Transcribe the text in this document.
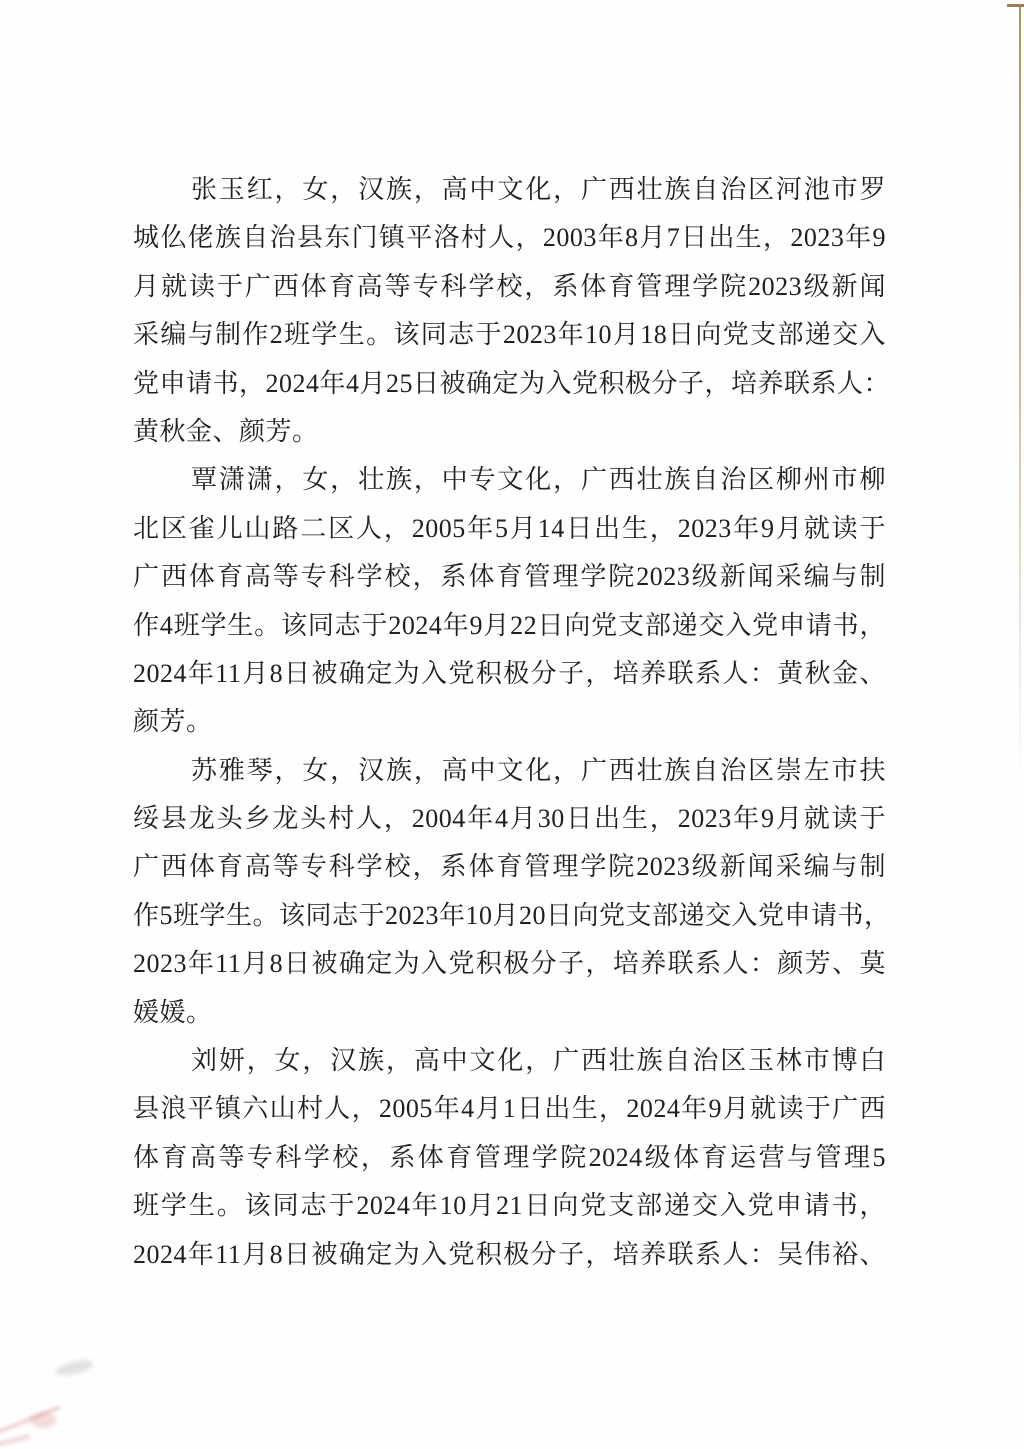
张玉红，女，汉族，高中文化，广西壮族自治区河池市罗
城仫佬族自治县东门镇平洛村人，2003年8月7日出生，2023年9
月就读于广西体育高等专科学校，系体育管理学院2023级新闻
采编与制作2班学生。该同志于2023年10月18日向党支部递交入
党申请书，2024年4月25日被确定为入党积极分子，培养联系人：
黄秋金、颜芳。
覃潇潇，女，壮族，中专文化，广西壮族自治区柳州市柳
北区雀儿山路二区人，2005年5月14日出生，2023年9月就读于
广西体育高等专科学校，系体育管理学院2023级新闻采编与制
作4班学生。该同志于2024年9月22日向党支部递交入党申请书，
2024年11月8日被确定为入党积极分子，培养联系人：黄秋金、
颜芳。
苏雅琴，女，汉族，高中文化，广西壮族自治区崇左市扶
绥县龙头乡龙头村人，2004年4月30日出生，2023年9月就读于
广西体育高等专科学校，系体育管理学院2023级新闻采编与制
作5班学生。该同志于2023年10月20日向党支部递交入党申请书，
2023年11月8日被确定为入党积极分子，培养联系人：颜芳、莫
媛媛。
刘妍，女，汉族，高中文化，广西壮族自治区玉林市博白
县浪平镇六山村人，2005年4月1日出生，2024年9月就读于广西
体育高等专科学校，系体育管理学院2024级体育运营与管理5
班学生。该同志于2024年10月21日向党支部递交入党申请书，
2024年11月8日被确定为入党积极分子，培养联系人：吴伟裕、
